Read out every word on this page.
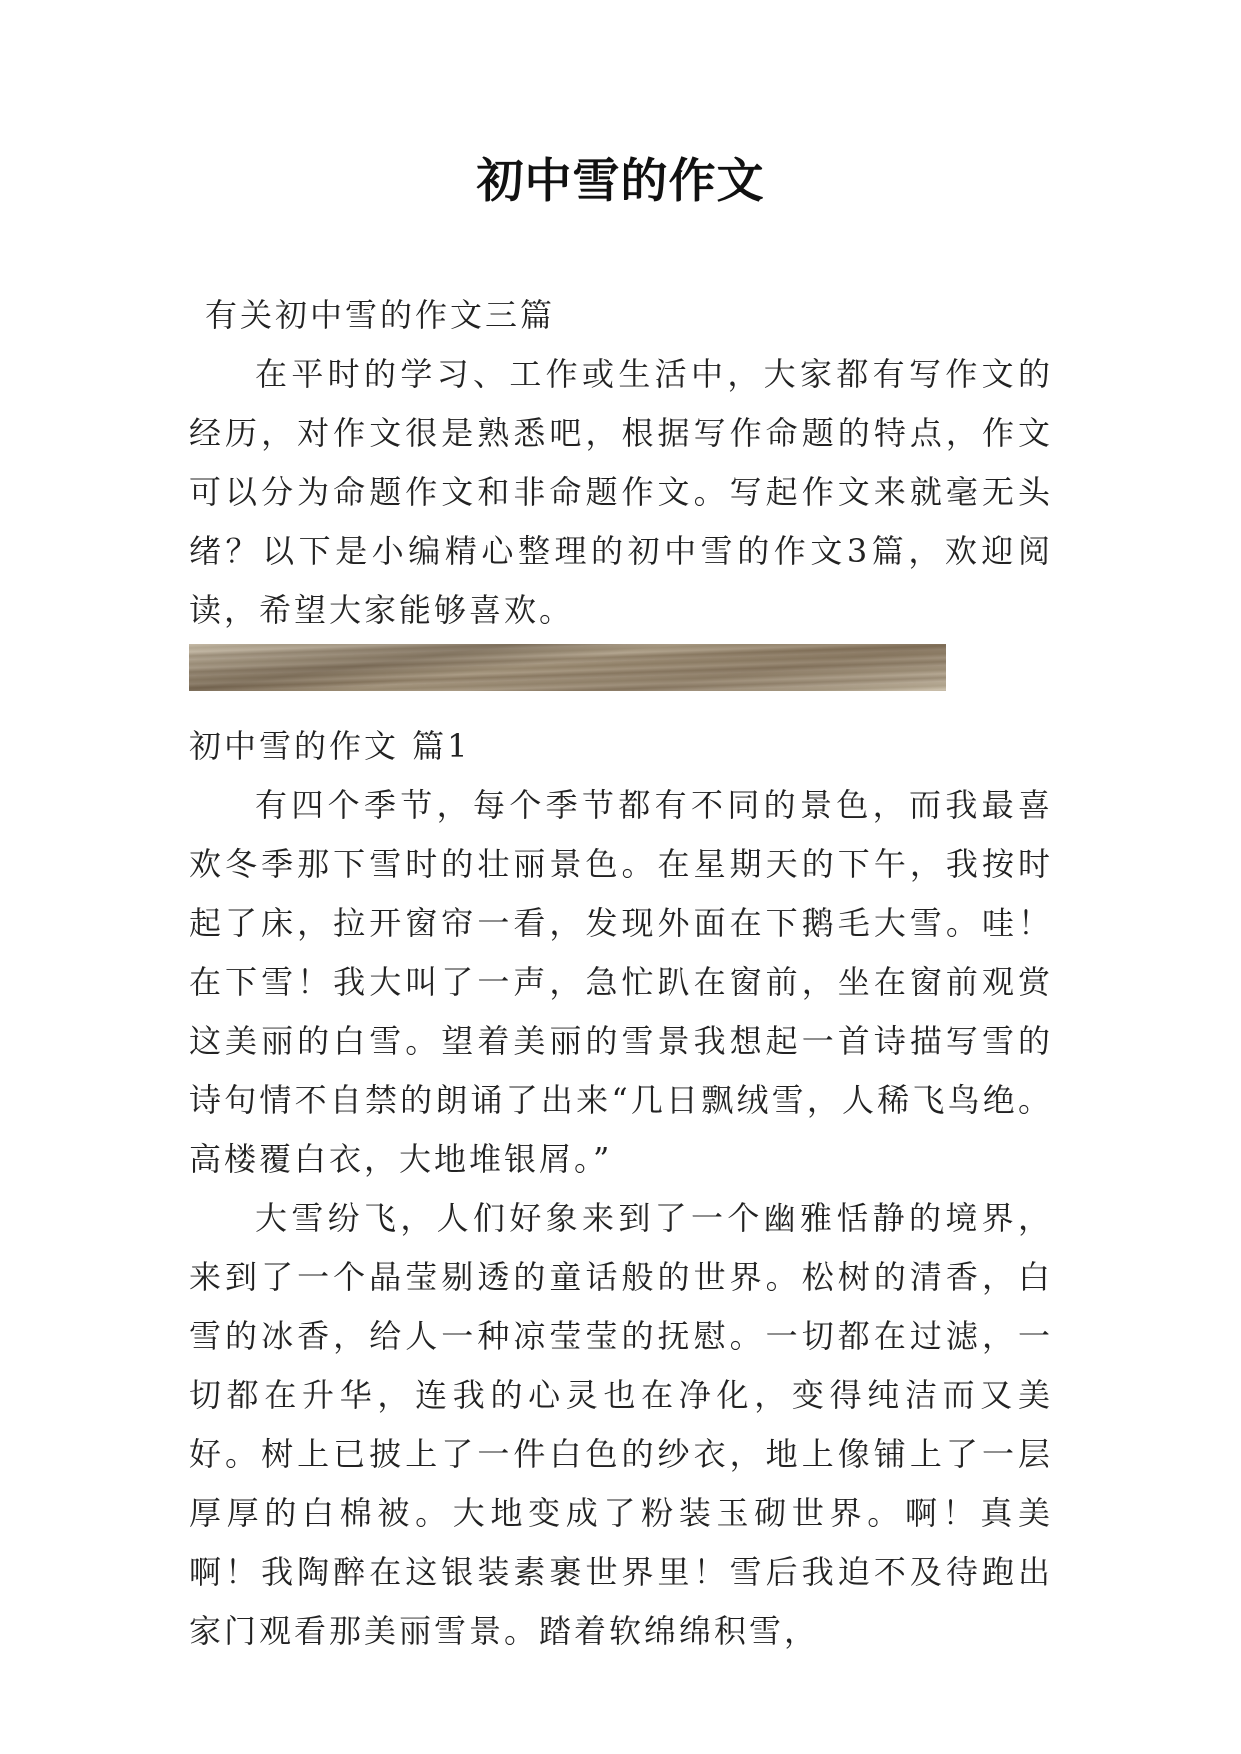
初中雪的作文

有关初中雪的作文三篇

在平时的学习、工作或生活中，大家都有写作文的经历，对作文很是熟悉吧，根据写作命题的特点，作文可以分为命题作文和非命题作文。写起作文来就毫无头绪？以下是小编精心整理的初中雪的作文3篇，欢迎阅读，希望大家能够喜欢。

初中雪的作文 篇1

有四个季节，每个季节都有不同的景色，而我最喜欢冬季那下雪时的壮丽景色。在星期天的下午，我按时起了床，拉开窗帘一看，发现外面在下鹅毛大雪。哇！在下雪！我大叫了一声，急忙趴在窗前，坐在窗前观赏这美丽的白雪。望着美丽的雪景我想起一首诗描写雪的诗句情不自禁的朗诵了出来“几日飘绒雪，人稀飞鸟绝。高楼覆白衣，大地堆银屑。”

大雪纷飞，人们好象来到了一个幽雅恬静的境界，来到了一个晶莹剔透的童话般的世界。松树的清香，白雪的冰香，给人一种凉莹莹的抚慰。一切都在过滤，一切都在升华，连我的心灵也在净化，变得纯洁而又美好。树上已披上了一件白色的纱衣，地上像铺上了一层厚厚的白棉被。大地变成了粉装玉砌世界。啊！真美啊！我陶醉在这银装素裹世界里！雪后我迫不及待跑出家门观看那美丽雪景。踏着软绵绵积雪，
